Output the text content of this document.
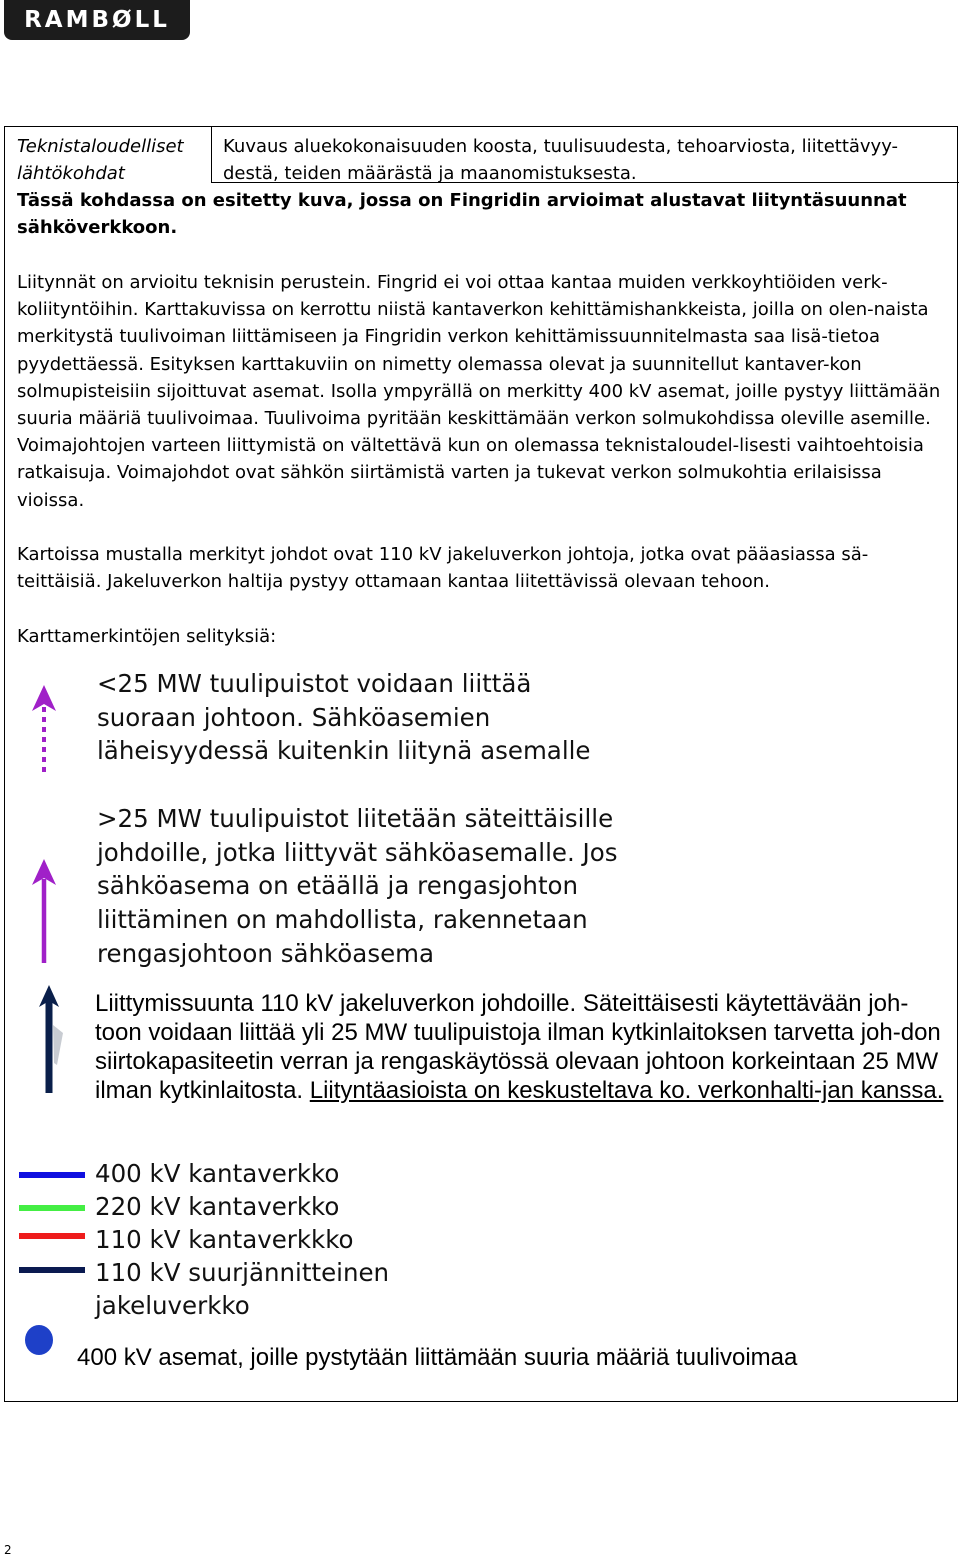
RAMBØLL
Teknistaloudelliset lähtökohdat
Kuvaus aluekokonaisuuden koosta, tuulisuudesta, tehoarviosta, liitettävyy-destä, teiden määrästä ja maanomistuksesta.
Tässä kohdassa on esitetty kuva, jossa on Fingridin arvioimat alustavat liityntäsuunnat sähköverkkoon.
Liitynnät on arvioitu teknisin perustein. Fingrid ei voi ottaa kantaa muiden verkkoyhtiöiden verk-koliityntöihin. Karttakuvissa on kerrottu niistä kantaverkon kehittämishankkeista, joilla on olen-naista merkitystä tuulivoiman liittämiseen ja Fingridin verkon kehittämissuunnitelmasta saa lisä-tietoa pyydettäessä. Esityksen karttakuviin on nimetty olemassa olevat ja suunnitellut kantaver-kon solmupisteisiin sijoittuvat asemat. Isolla ympyrällä on merkitty 400 kV asemat, joille pystyy liittämään suuria määriä tuulivoimaa. Tuulivoima pyritään keskittämään verkon solmukohdissa oleville asemille. Voimajohtojen varteen liittymistä on vältettävä kun on olemassa teknistaloudel-lisesti vaihtoehtoisia ratkaisuja. Voimajohdot ovat sähkön siirtämistä varten ja tukevat verkon solmukohtia erilaisissa vioissa.
Kartoissa mustalla merkityt johdot ovat 110 kV jakeluverkon johtoja, jotka ovat pääasiassa sä-teittäisiä. Jakeluverkon haltija pystyy ottamaan kantaa liitettävissä olevaan tehoon.
Karttamerkintöjen selityksiä:
<25 MW tuulipuistot voidaan liittää suoraan johtoon. Sähköasemien läheisyydessä kuitenkin liitynä asemalle
>25 MW tuulipuistot liitetään säteittäisille johdoille, jotka liittyvät sähköasemalle. Jos sähköasema on etäällä ja rengasjohton liittäminen on mahdollista, rakennetaan rengasjohtoon sähköasema
Liittymissuunta 110 kV jakeluverkon johdoille. Säteittäisesti käytettävään joh-toon voidaan liittää yli 25 MW tuulipuistoja ilman kytkinlaitoksen tarvetta joh-don siirtokapasiteetin verran ja rengaskäytössä olevaan johtoon korkeintaan 25 MW ilman kytkinlaitosta. Liityntäasioista on keskusteltava ko. verkonhalti-jan kanssa.
400 kV kantaverkko
220 kV kantaverkko
110 kV kantaverkkko
110 kV suurjännitteinen jakeluverkko
400 kV asemat, joille pystytään liittämään suuria määriä tuulivoimaa
2
